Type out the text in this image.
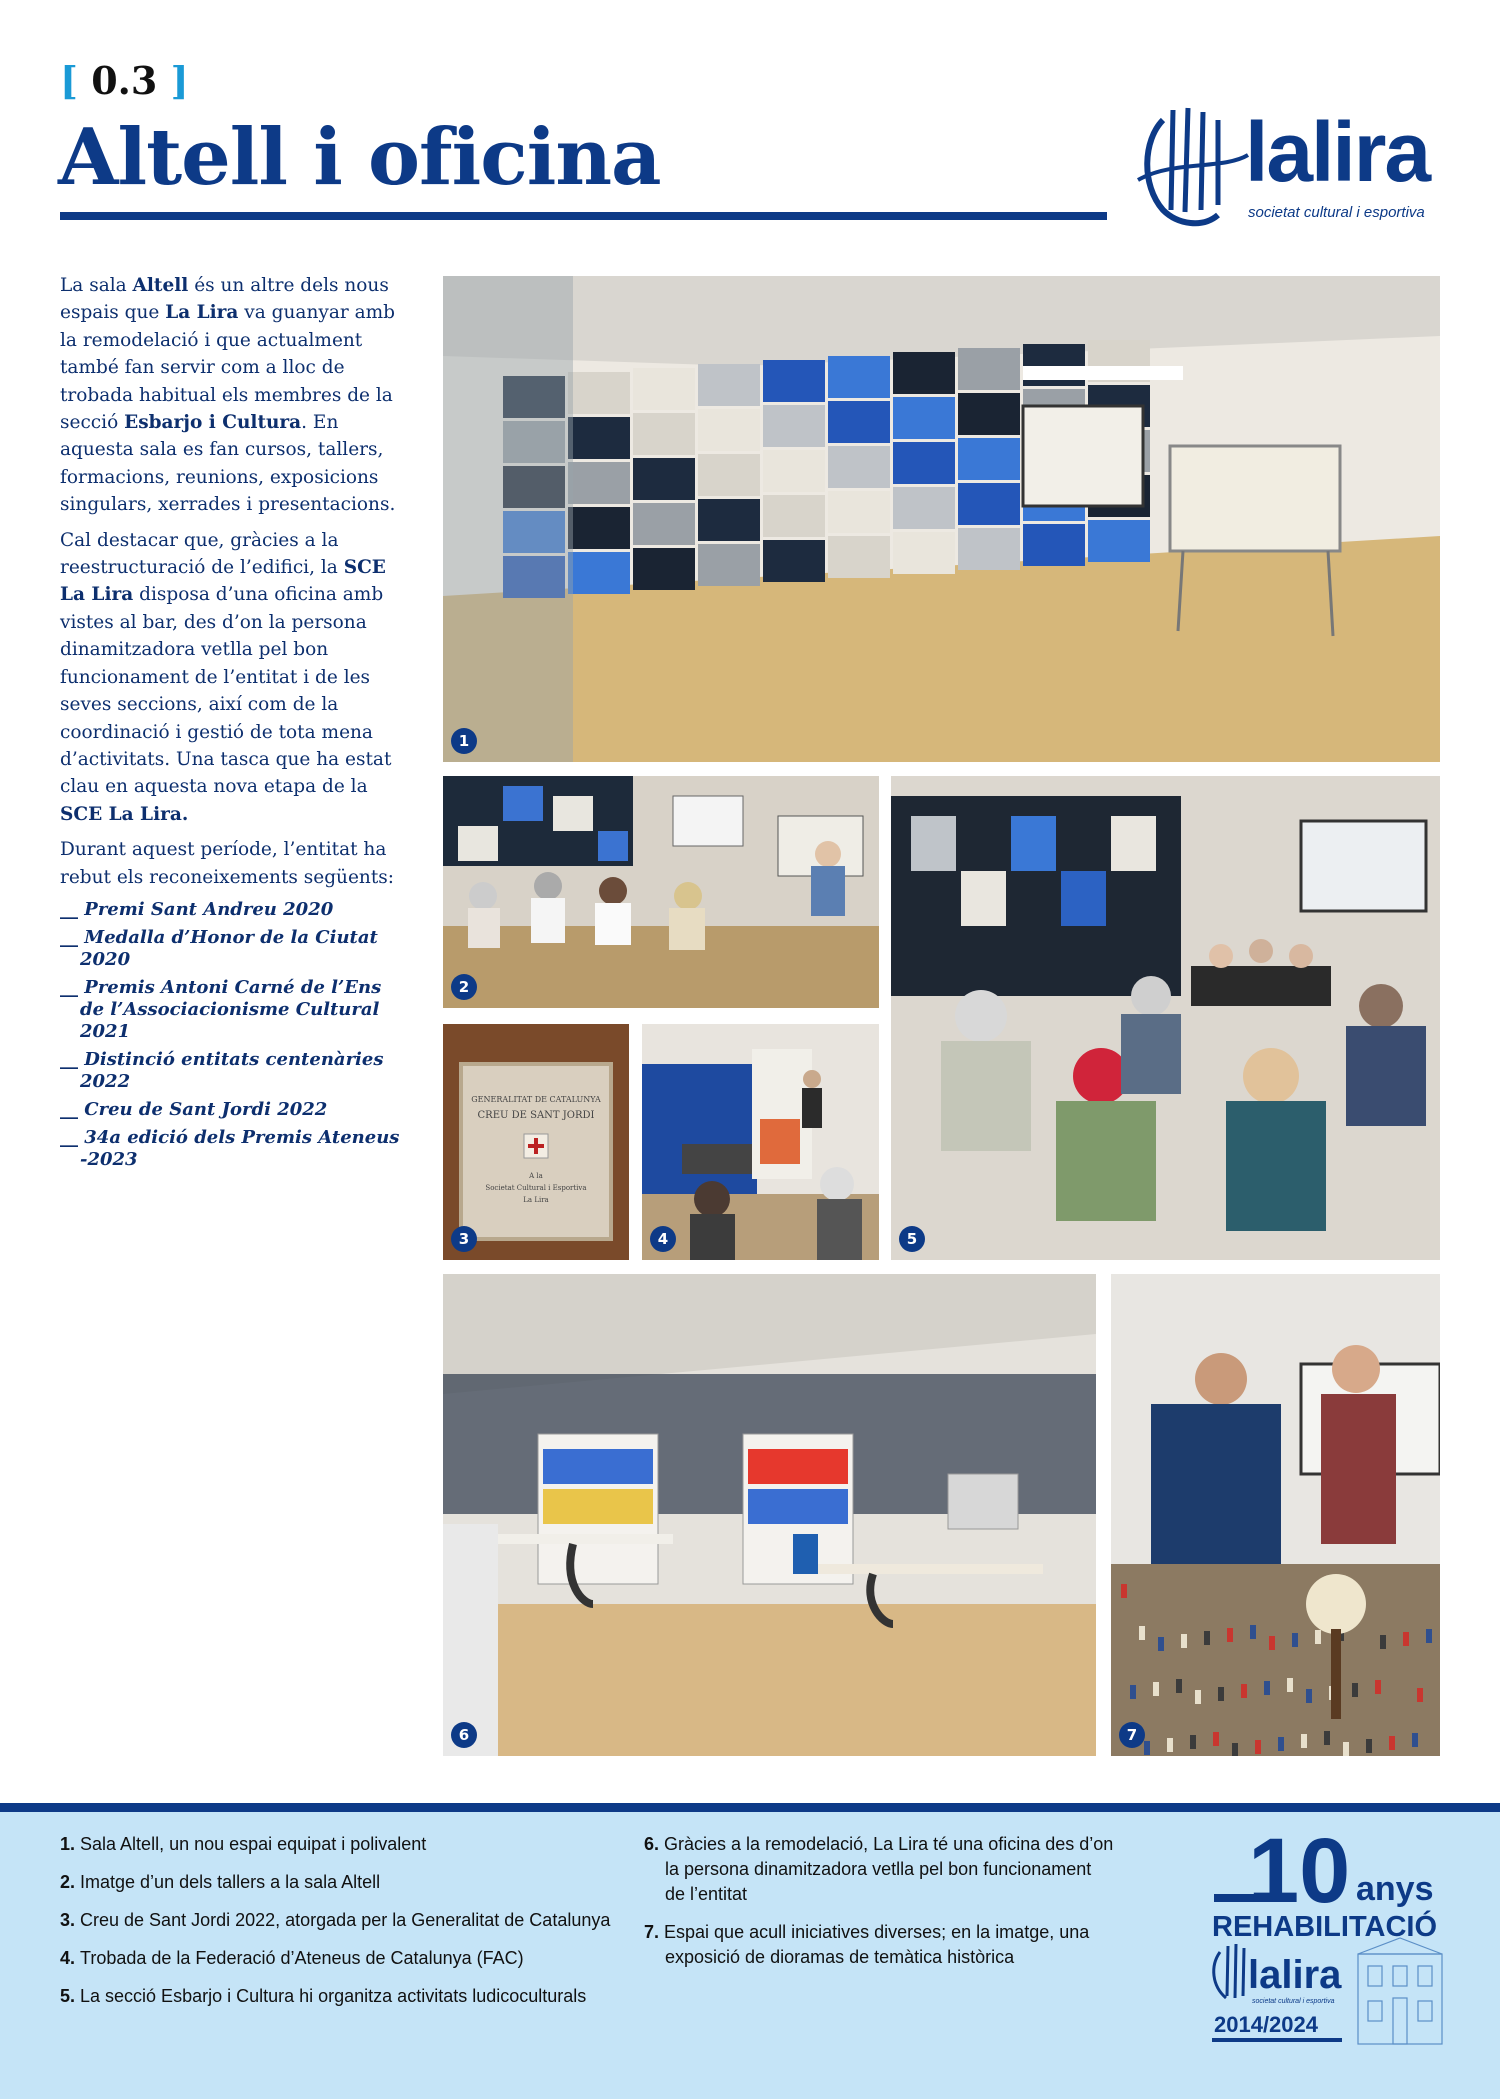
[ 0.3 ]
Altell i oficina	lalira
societat cultural i esportiva

La sala Altell és un altre dels nous espais que La Lira va guanyar amb la remodelació i que actualment també fan servir com a lloc de trobada habitual els membres de la secció Esbarjo i Cultura. En aquesta sala es fan cursos, tallers, formacions, reunions, exposicions singulars, xerrades i presentacions.

Cal destacar que, gràcies a la reestructuració de l’edifici, la SCE La Lira disposa d’una oficina amb vistes al bar, des d’on la persona dinamitzadora vetlla pel bon funcionament de l’entitat i de les seves seccions, així com de la coordinació i gestió de tota mena d’activitats. Una tasca que ha estat clau en aquesta nova etapa de la SCE La Lira.

Durant aquest període, l’entitat ha rebut els reconeixements següents:

__ Premi Sant Andreu 2020
__ Medalla d’Honor de la Ciutat 2020
__ Premis Antoni Carné de l’Ens de l’Associacionisme Cultural 2021
__ Distinció entitats centenàries 2022
__ Creu de Sant Jordi 2022
__ 34a edició dels Premis Ateneus -2023
1
2
GENERALITAT DE CATALUNYA
CREU DE SANT JORDI
A la
Societat Cultural i Esportiva
La Lira
3	4	5
6	7
1. Sala Altell, un nou espai equipat i polivalent
2. Imatge d’un dels tallers a la sala Altell
3. Creu de Sant Jordi 2022, atorgada per la Generalitat de Catalunya
4. Trobada de la Federació d’Ateneus de Catalunya (FAC)
5. La secció Esbarjo i Cultura hi organitza activitats ludicoculturals
6. Gràcies a la remodelació, La Lira té una oficina des d’on la persona dinamitzadora vetlla pel bon funcionament de l’entitat
7. Espai que acull iniciatives diverses; en la imatge, una exposició de dioramas de temàtica històrica
10 anys
REHABILITACIÓ
lalira
societat cultural i esportiva
2014/2024
